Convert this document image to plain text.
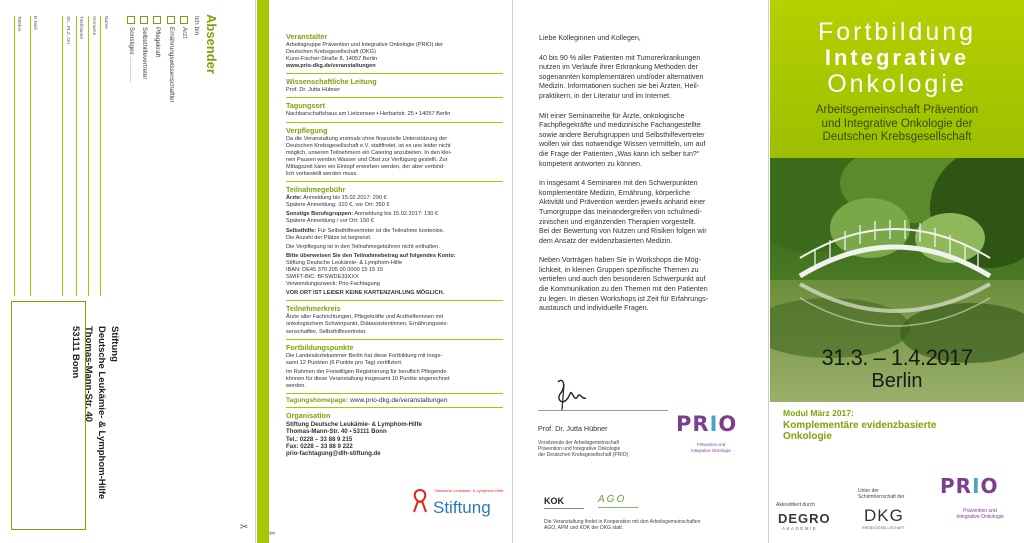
Absender
Ich bin
Arzt
Ernährungswissenschaftler
Pflegekraft
Selbsthilfevertreter
Sonstiges ...............
Name
Vorname
Titel/Name
Str., PLZ, Ort
E-Mail
Telefon
Stiftung
Deutsche Leukämie- & Lymphom-Hilfe
Thomas-Mann-Str. 40
53111 Bonn
✂
Veranstalter

Arbeitsgruppe Prävention und Integrative Onkologie (PRIO) der

Deutschen Krebsgesellschaft (DKG)

Kuno-Fischer-Straße 8, 14057 Berlin

www.prio-dkg.de/veranstaltungen

Wissenschaftliche Leitung

Prof. Dr. Jutta Hübner

Tagungsort

Nachbarschaftshaus am Lietzensee ▪ Herbartstr. 25 ▪ 14057 Berlin

Verpflegung

Da die Veranstaltung erstmals ohne finanzielle Unterstützung der

Deutschen Krebsgesellschaft e.V. stattfindet, ist es uns leider nicht

möglich, unseren Teilnehmern ein Catering anzubieten. In den klei-

nen Pausen werden Wasser und Obst zur Verfügung gestellt. Zur

Mittagszeit kann ein Eintopf erworben werden, der aber verbind-

lich vorbestellt werden muss.

Teilnahmegebühr

Ärzte: Anmeldung bis 15.02.2017: 290 €

Spätere Anmeldung: 310 €, vor Ort: 350 €

Sonstige Berufsgruppen: Anmeldung bis 15.02.2017: 130 €

Spätere Anmeldung / vor Ort: 150 €

Selbsthilfe: Für Selbsthilfevertreter ist die Teilnahme kostenlos.

Die Anzahl der Plätze ist begrenzt.

Die Verpflegung ist in den Teilnahmegebühren nicht enthalten.

Bitte überweisen Sie den Teilnahmebetrag auf folgendes Konto:

Stiftung Deutsche Leukämie- & Lymphom-Hilfe

IBAN: DE45 370 205 00 0000 15 15 15

SWIFT-BIC: BFSWDE33XXX

Verwendungszweck: Prio-Fachtagung

VOR ORT IST LEIDER KEINE KARTENZAHLUNG MÖGLICH.

Teilnehmerkreis

Ärzte aller Fachrichtungen, Pflegekräfte und Arzthelferinnen mit

onkologischem Schwerpunkt, Diätassistentinnen, Ernährungswis-

senschaftler, Selbsthilfevertreter.

Fortbildungspunkte

Die Landesärztekammer Berlin hat diese Fortbildung mit insge-

samt 12 Punkten (6 Punkte pro Tag) zertifiziert.

Im Rahmen der Freiwilligen Registrierung für beruflich Pflegende

können für diese Veranstaltung insgesamt 10 Punkte angerechnet

werden.

Tagungshomepage: www.prio-dkg.de/veranstaltungen
Organisation

Stiftung Deutsche Leukämie- & Lymphom-Hilfe

Thomas-Mann-Str. 40 ▪ 53111 Bonn

Tel.: 0228 – 33 88 9 215

Fax: 0228 – 33 88 9 222

prio-fachtagung@dlh-stiftung.de

Deutsche Leukämie- & Lymphom-Hilfe
Stiftung
✂
Liebe Kolleginnen und Kollegen,
40 bis 90 % aller Patienten mit Tumorerkrankungen
nutzen im Verlaufe ihrer Erkrankung Methoden der
sogenannten komplementären und/oder alternativen
Medizin. Informationen suchen sie bei Ärzten, Heil-
praktikern, in der Literatur und im Internet.
Mit einer Seminarreihe für Ärzte, onkologische
Fachpflegekräfte und medizinische Fachangestellte
sowie andere Berufsgruppen und Selbsthilfevertreter
wollen wir das notwendige Wissen vermitteln, um auf
die Frage der Patienten „Was kann ich selber tun?“
kompetent antworten zu können.
In insgesamt 4 Seminaren mit den Schwerpunkten
komplementäre Medizin, Ernährung, körperliche
Aktivität und Prävention werden jeweils anhand einer
Tumorgruppe das Ineinandergreifen von schulmedi-
zinischen und ergänzenden Therapien vorgestellt.
Bei der Bewertung von Nutzen und Risiken folgen wir
dem Ansatz der evidenzbasierten Medizin.
Neben Vorträgen haben Sie in Workshops die Mög-
lichkeit, in kleinen Gruppen spezifische Themen zu
vertiefen und auch den besonderen Schwerpunkt auf
die Kommunikation zu den Themen mit den Patienten
zu legen. In diesen Workshops ist Zeit für Erfahrungs-
austausch und individuelle Fragen.
Prof. Dr. Jutta Hübner
Vorsitzende der Arbeitsgemeinschaft
Prävention und Integrative Onkologie
der Deutschen Krebsgesellschaft (PRIO)
PRIO
Prävention und
Integrative Onkologie
KOK	AGO
Die Veranstaltung findet in Kooperation mit den Arbeitsgemeinschaften
AGO, APM und KOK der DKG statt.
Fortbildung
Integrative
Onkologie
Arbeitsgemeinschaft Prävention
und Integrative Onkologie der
Deutschen Krebsgesellschaft
31.3. – 1.4.2017
Berlin
Modul März 2017:
Komplementäre evidenzbasierte
Onkologie
Akkreditiert durch
DEGRO
AKADEMIE
Unter der
Schirmherrschaft der
DKG
KREBSGESELLSCHAFT
PRIO
Prävention und
Integrative Onkologie
